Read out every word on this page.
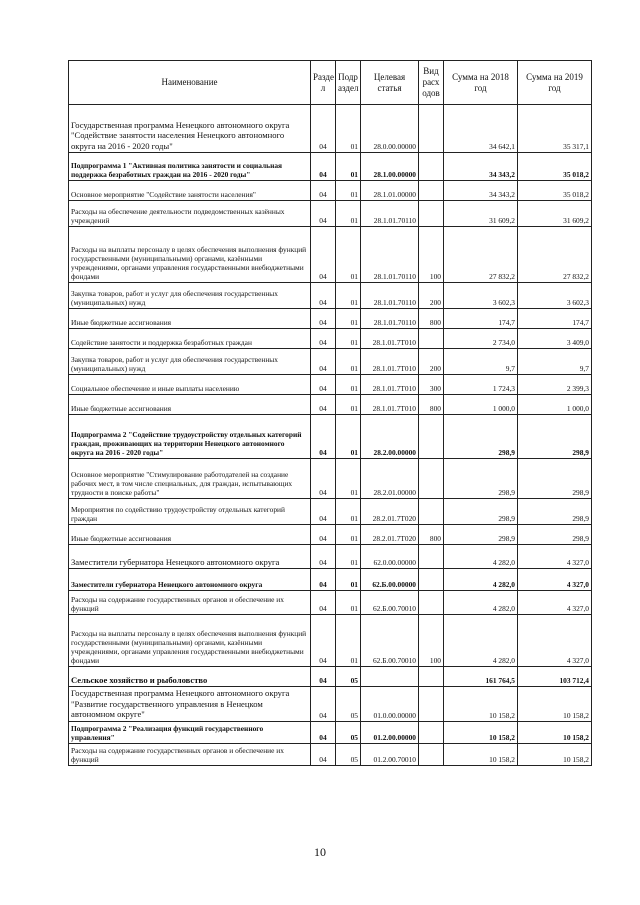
Наименование	Разде л	Подр аздел	Целевая статья	Вид расх одов	Сумма на 2018 год	Сумма на 2019 год
Государственная программа Ненецкого автономного округа "Содействие занятости населения Ненецкого автономного округа на 2016 - 2020 годы"	04	01	28.0.00.00000		34 642,1	35 317,1
Подпрограмма 1 "Активная политика занятости и социальная поддержка безработных граждан на 2016 - 2020 годы"	04	01	28.1.00.00000		34 343,2	35 018,2
Основное мероприятие "Содействие занятости населения"	04	01	28.1.01.00000		34 343,2	35 018,2
Расходы на обеспечение деятельности подведомственных казённых учреждений	04	01	28.1.01.70110		31 609,2	31 609,2
Расходы на выплаты персоналу в целях обеспечения выполнения функций государственными (муниципальными) органами, казёнными учреждениями, органами управления государственными внебюджетными фондами	04	01	28.1.01.70110	100	27 832,2	27 832,2
Закупка товаров, работ и услуг для обеспечения государственных (муниципальных) нужд	04	01	28.1.01.70110	200	3 602,3	3 602,3
Иные бюджетные ассигнования	04	01	28.1.01.70110	800	174,7	174,7
Содействие занятости и поддержка безработных граждан	04	01	28.1.01.7Т010		2 734,0	3 409,0
Закупка товаров, работ и услуг для обеспечения государственных (муниципальных) нужд	04	01	28.1.01.7Т010	200	9,7	9,7
Социальное обеспечение и иные выплаты населению	04	01	28.1.01.7Т010	300	1 724,3	2 399,3
Иные бюджетные ассигнования	04	01	28.1.01.7Т010	800	1 000,0	1 000,0
Подпрограмма 2 "Содействие трудоустройству отдельных категорий граждан, проживающих на территории Ненецкого автономного округа на 2016 - 2020 годы"	04	01	28.2.00.00000		298,9	298,9
Основное мероприятие "Стимулирование работодателей на создание рабочих мест, в том числе специальных, для граждан, испытывающих трудности в поиске работы"	04	01	28.2.01.00000		298,9	298,9
Мероприятия по содействию трудоустройству отдельных категорий граждан	04	01	28.2.01.7Т020		298,9	298,9
Иные бюджетные ассигнования	04	01	28.2.01.7Т020	800	298,9	298,9
Заместители губернатора Ненецкого автономного округа	04	01	62.0.00.00000		4 282,0	4 327,0
Заместители губернатора Ненецкого автономного округа	04	01	62.Б.00.00000		4 282,0	4 327,0
Расходы на содержание государственных органов и обеспечение их функций	04	01	62.Б.00.70010		4 282,0	4 327,0
Расходы на выплаты персоналу в целях обеспечения выполнения функций государственными (муниципальными) органами, казёнными учреждениями, органами управления государственными внебюджетными фондами	04	01	62.Б.00.70010	100	4 282,0	4 327,0
Сельское хозяйство и рыболовство	04	05			161 764,5	103 712,4
Государственная программа Ненецкого автономного округа "Развитие государственного управления в Ненецком автономном округе"	04	05	01.0.00.00000		10 158,2	10 158,2
Подпрограмма 2 "Реализация функций государственного управления"	04	05	01.2.00.00000		10 158,2	10 158,2
Расходы на содержание государственных органов и обеспечение их функций	04	05	01.2.00.70010		10 158,2	10 158,2
10
